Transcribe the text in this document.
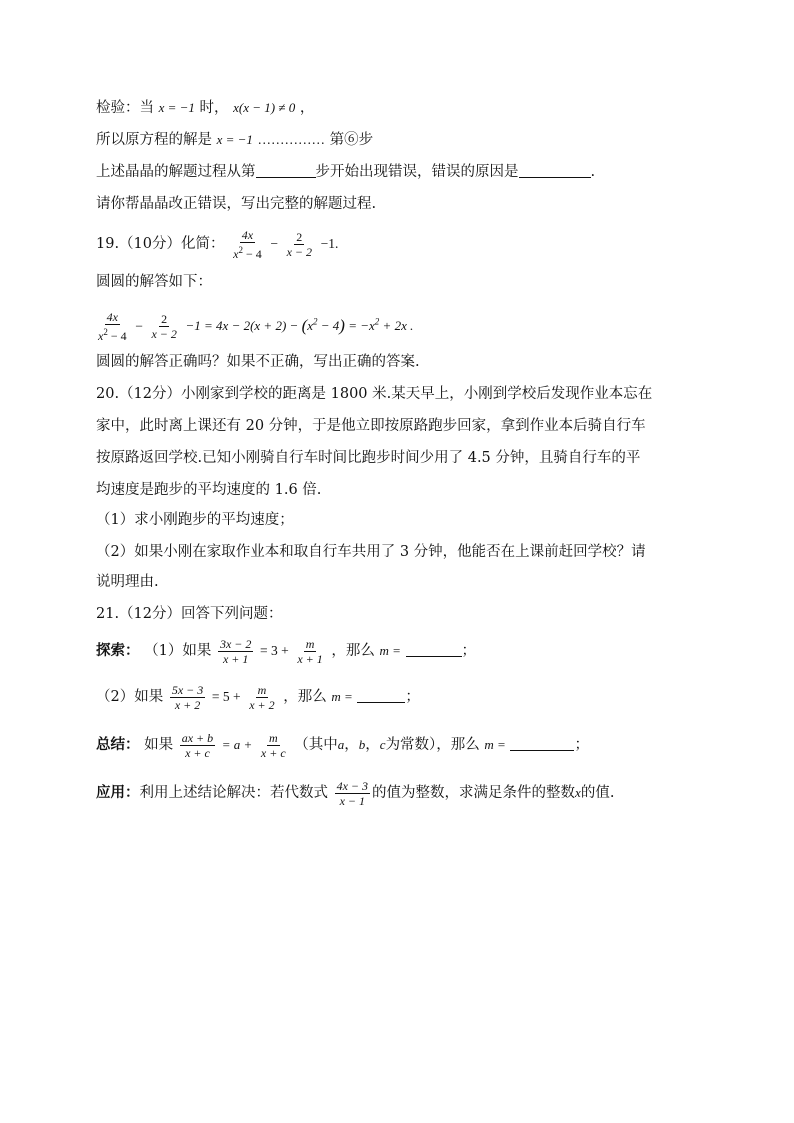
检验：当 x = −1 时， x(x − 1) ≠ 0 ，
所以原方程的解是 x = −1 …………… 第⑥步
上述晶晶的解题过程从第	步开始出现错误，错误的原因是	.
请你帮晶晶改正错误，写出完整的解题过程.
19.（10分）化简： $\frac{4x}{x^2 - 4} - \frac{2}{x - 2} -1$.
圆圆的解答如下：
$\frac{4x}{x^2 - 4} - \frac{2}{x - 2} -1 = 4x - 2(x + 2) - (x^2 - 4) = -x^2 + 2x$ .
圆圆的解答正确吗？如果不正确，写出正确的答案.
20.（12分）小刚家到学校的距离是 1800 米.某天早上，小刚到学校后发现作业本忘在
家中，此时离上课还有 20 分钟，于是他立即按原路跑步回家，拿到作业本后骑自行车
按原路返回学校.已知小刚骑自行车时间比跑步时间少用了 4.5 分钟，且骑自行车的平
均速度是跑步的平均速度的 1.6 倍.
（1）求小刚跑步的平均速度；
（2）如果小刚在家取作业本和取自行车共用了 3 分钟，他能否在上课前赶回学校？请
说明理由.
21.（12分）回答下列问题：
探索： （1）如果 $\frac{3x - 2}{x + 1} = 3 + \frac{m}{x + 1}$ ，那么 m =	；
（2）如果 $\frac{5x - 3}{x + 2} = 5 + \frac{m}{x + 2}$ ，那么 m =	；
总结： 如果 $\frac{ax + b}{x + c} = a + \frac{m}{x + c}$ （其中a，b，c为常数），那么 m =	；
应用：利用上述结论解决：若代数式 $\frac{4x - 3}{x - 1}$ 的值为整数，求满足条件的整数x的值.
